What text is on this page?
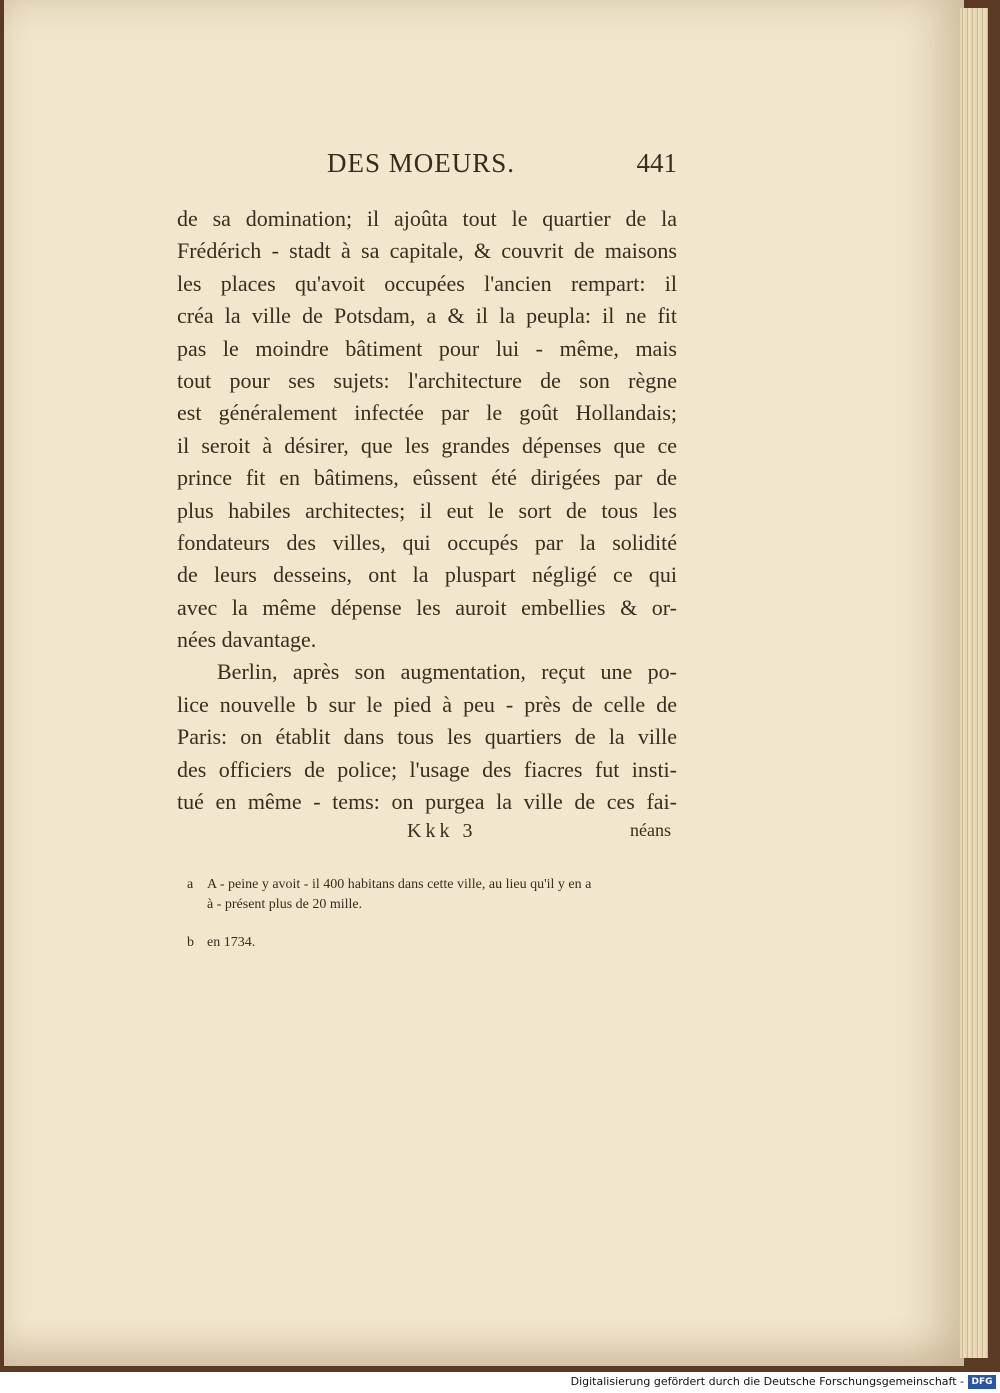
DES MOEURS.	441
de sa domination; il ajoûta tout le quartier de la
Frédérich - stadt à sa capitale, & couvrit de maisons
les places qu'avoit occupées l'ancien rempart: il
créa la ville de Potsdam, a & il la peupla: il ne fit
pas le moindre bâtiment pour lui - même, mais
tout pour ses sujets: l'architecture de son règne
est généralement infectée par le goût Hollandais;
il seroit à désirer, que les grandes dépenses que ce
prince fit en bâtimens, eûssent été dirigées par de
plus habiles architectes; il eut le sort de tous les
fondateurs des villes, qui occupés par la solidité
de leurs desseins, ont la pluspart négligé ce qui
avec la même dépense les auroit embellies & or-
nées davantage.
Berlin, après son augmentation, reçut une po-
lice nouvelle b sur le pied à peu - près de celle de
Paris: on établit dans tous les quartiers de la ville
des officiers de police; l'usage des fiacres fut insti-
tué en même - tems: on purgea la ville de ces fai-
Kkk 3	néans
a A - peine y avoit - il 400 habitans dans cette ville, au lieu qu'il y en a
à - présent plus de 20 mille.
b en 1734.
Digitalisierung gefördert durch die Deutsche Forschungsgemeinschaft - DFG
